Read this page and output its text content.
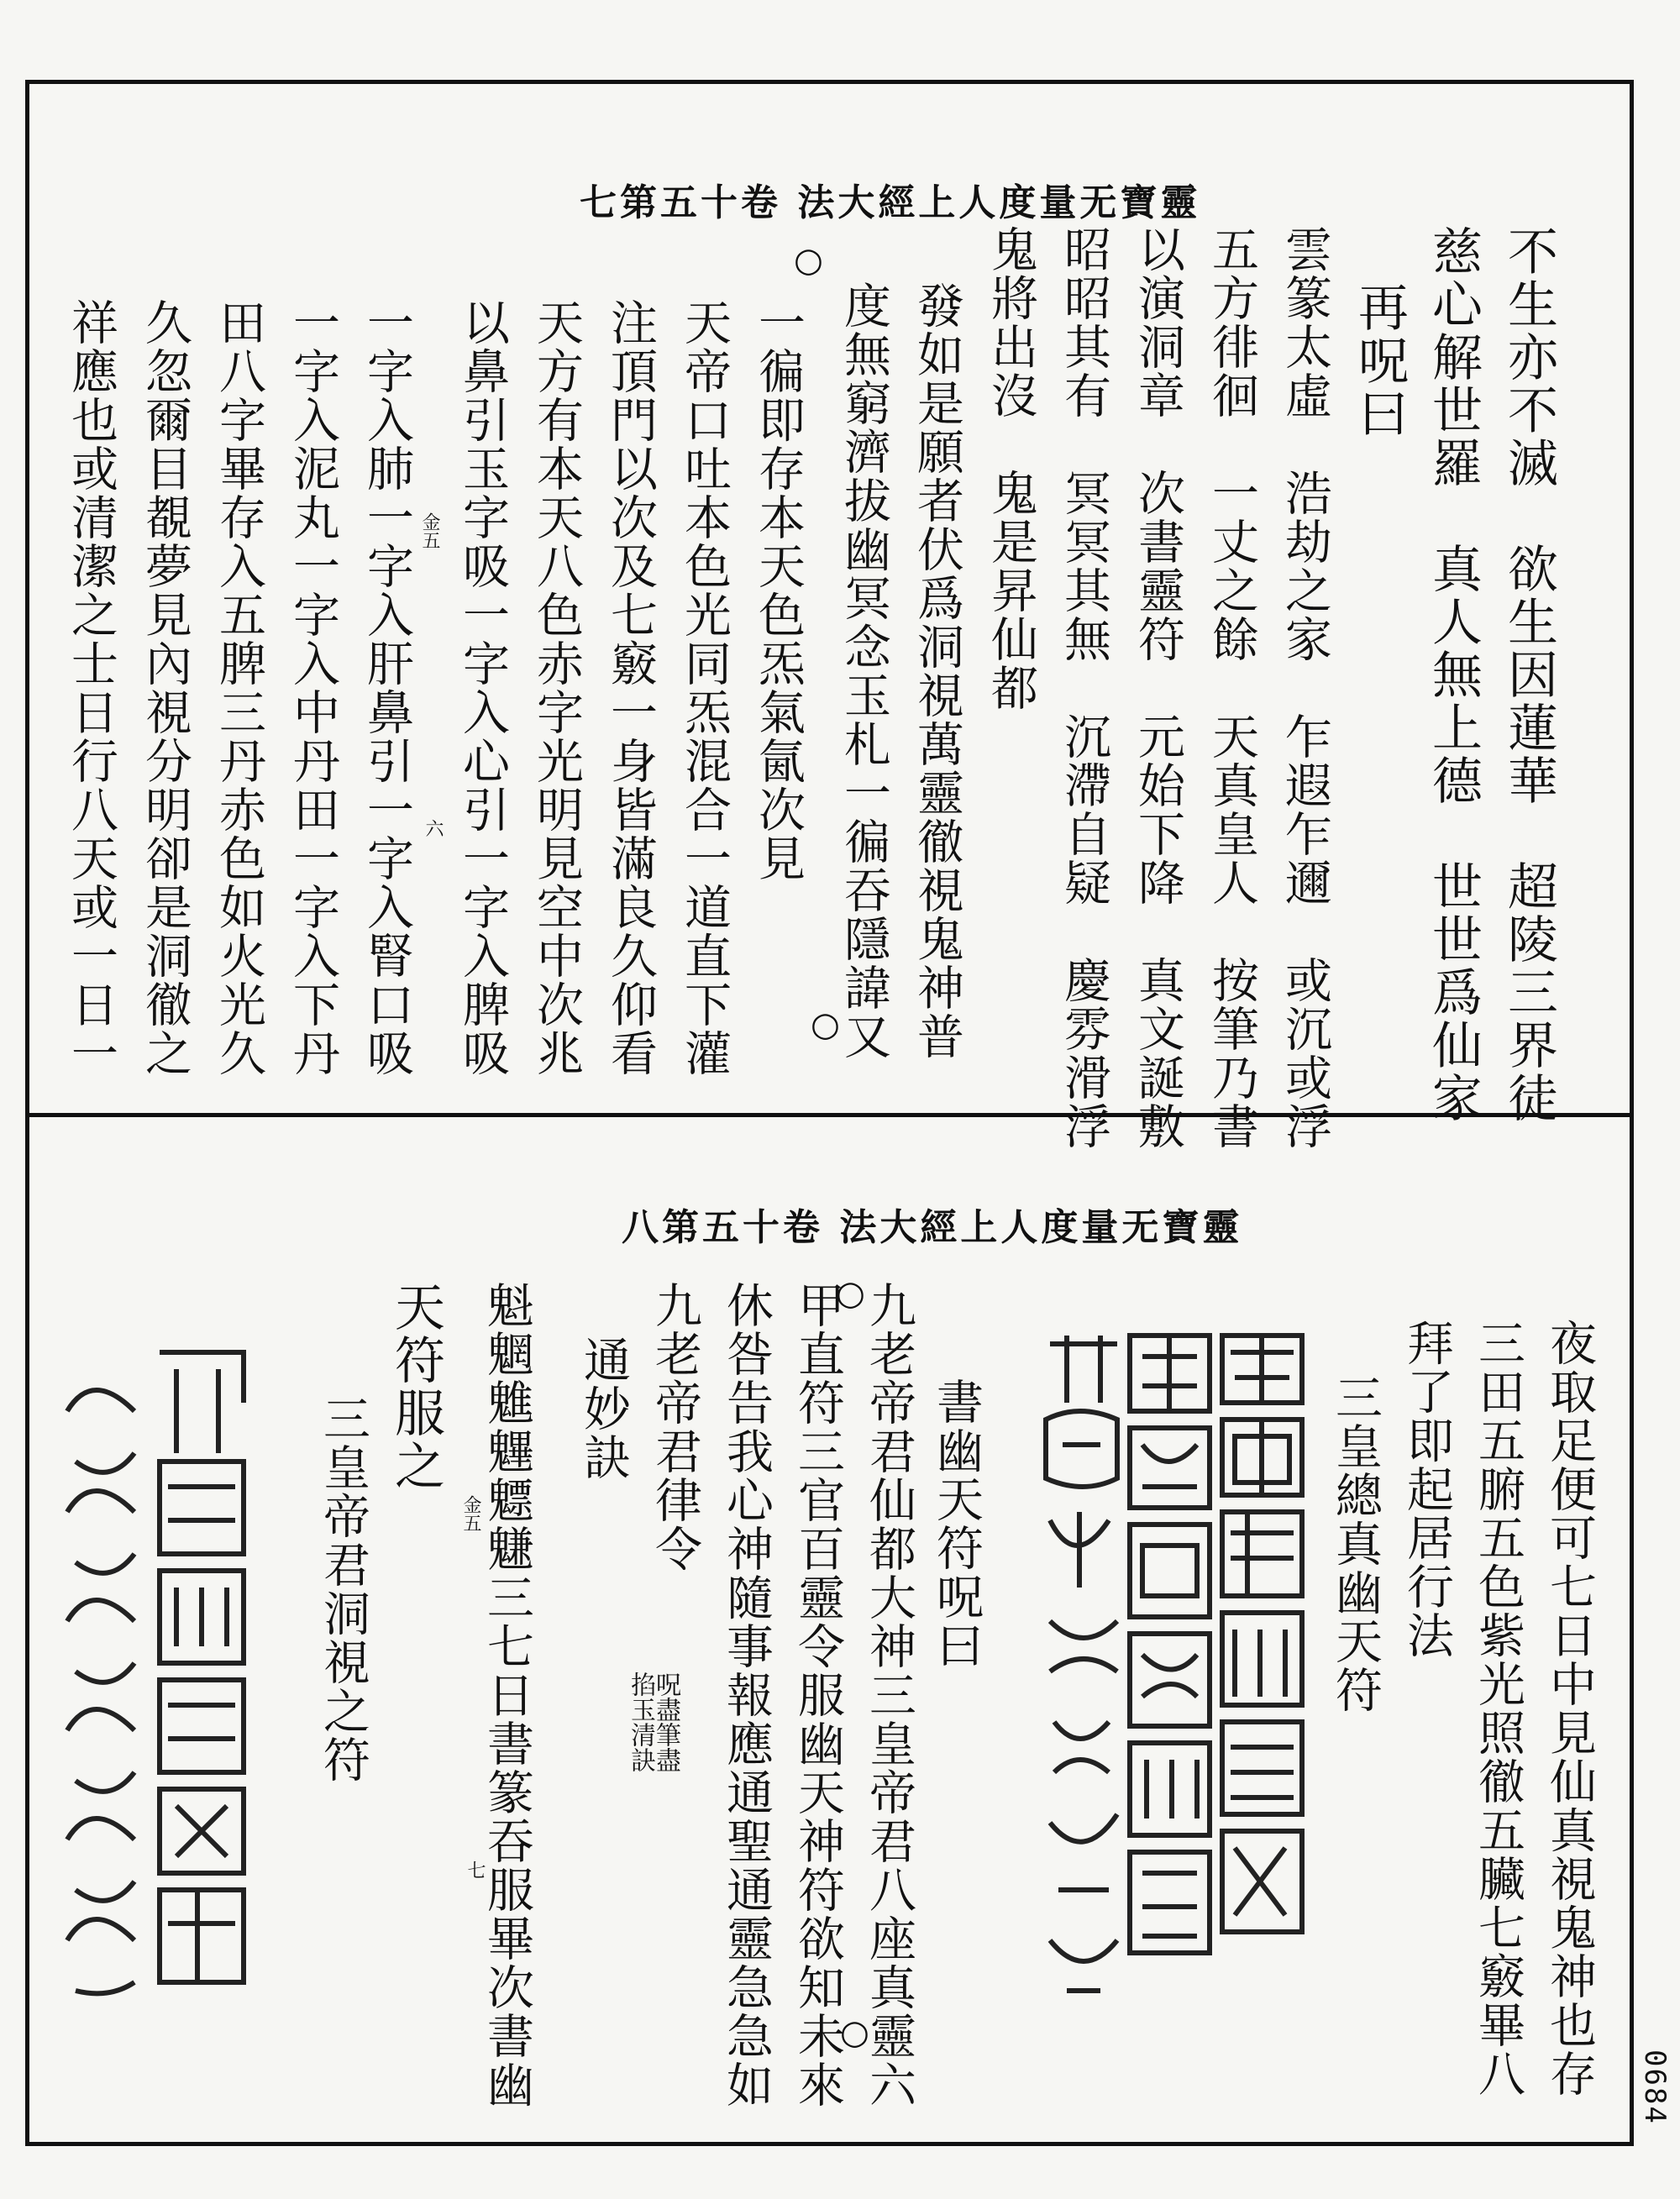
靈寶无量度人上經大法 卷十五第七
不生亦不滅　欲生因蓮華　超陵三界徒
慈心解世羅　真人無上德　世世爲仙家
再呪曰
雲篆太虛　浩劫之家　乍遐乍邇　或沉或浮
五方徘徊　一丈之餘　天真皇人　按筆乃書
以演洞章　次書靈符　元始下降　真文誕敷
昭昭其有　冥冥其無　沉滯自疑　慶雰滑浮
鬼將出沒　鬼是昇仙都
○
發如是願者伏爲洞視萬靈徹視鬼神普
度無窮濟拔幽冥念玉札一徧吞隱諱又
○
一徧即存本天色炁氣氤次見
天帝口吐本色光同炁混合一道直下灌
注頂門以次及七竅一身皆滿良久仰看
天方有本天八色赤字光明見空中次兆
以鼻引玉字吸一字入心引一字入脾吸
一字入肺一字入肝鼻引一字入腎口吸
一字入泥丸一字入中丹田一字入下丹
田八字畢存入五脾三丹赤色如火光久
久忽爾目覩夢見內視分明卻是洞徹之
祥應也或清潔之士日行八天或一日一	金五
六
靈寶无量度人上經大法 卷十五第八
夜取足便可七日中見仙真視鬼神也存
三田五腑五色紫光照徹五臟七竅畢八
拜了即起居行法
三皇總真幽天符
書幽天符呪曰
○
九老帝君仙都大神三皇帝君八座真靈六
甲直符三官百靈令服幽天神符欲知未來
○
休咎告我心神隨事報應通聖通靈急急如
九老帝君律令
呪盡筆盡
掐玉清訣
通妙訣
魁魍魋魓魒魐三七日書篆吞服畢次書幽
金五
七
天符服之
三皇帝君洞視之符
0684
